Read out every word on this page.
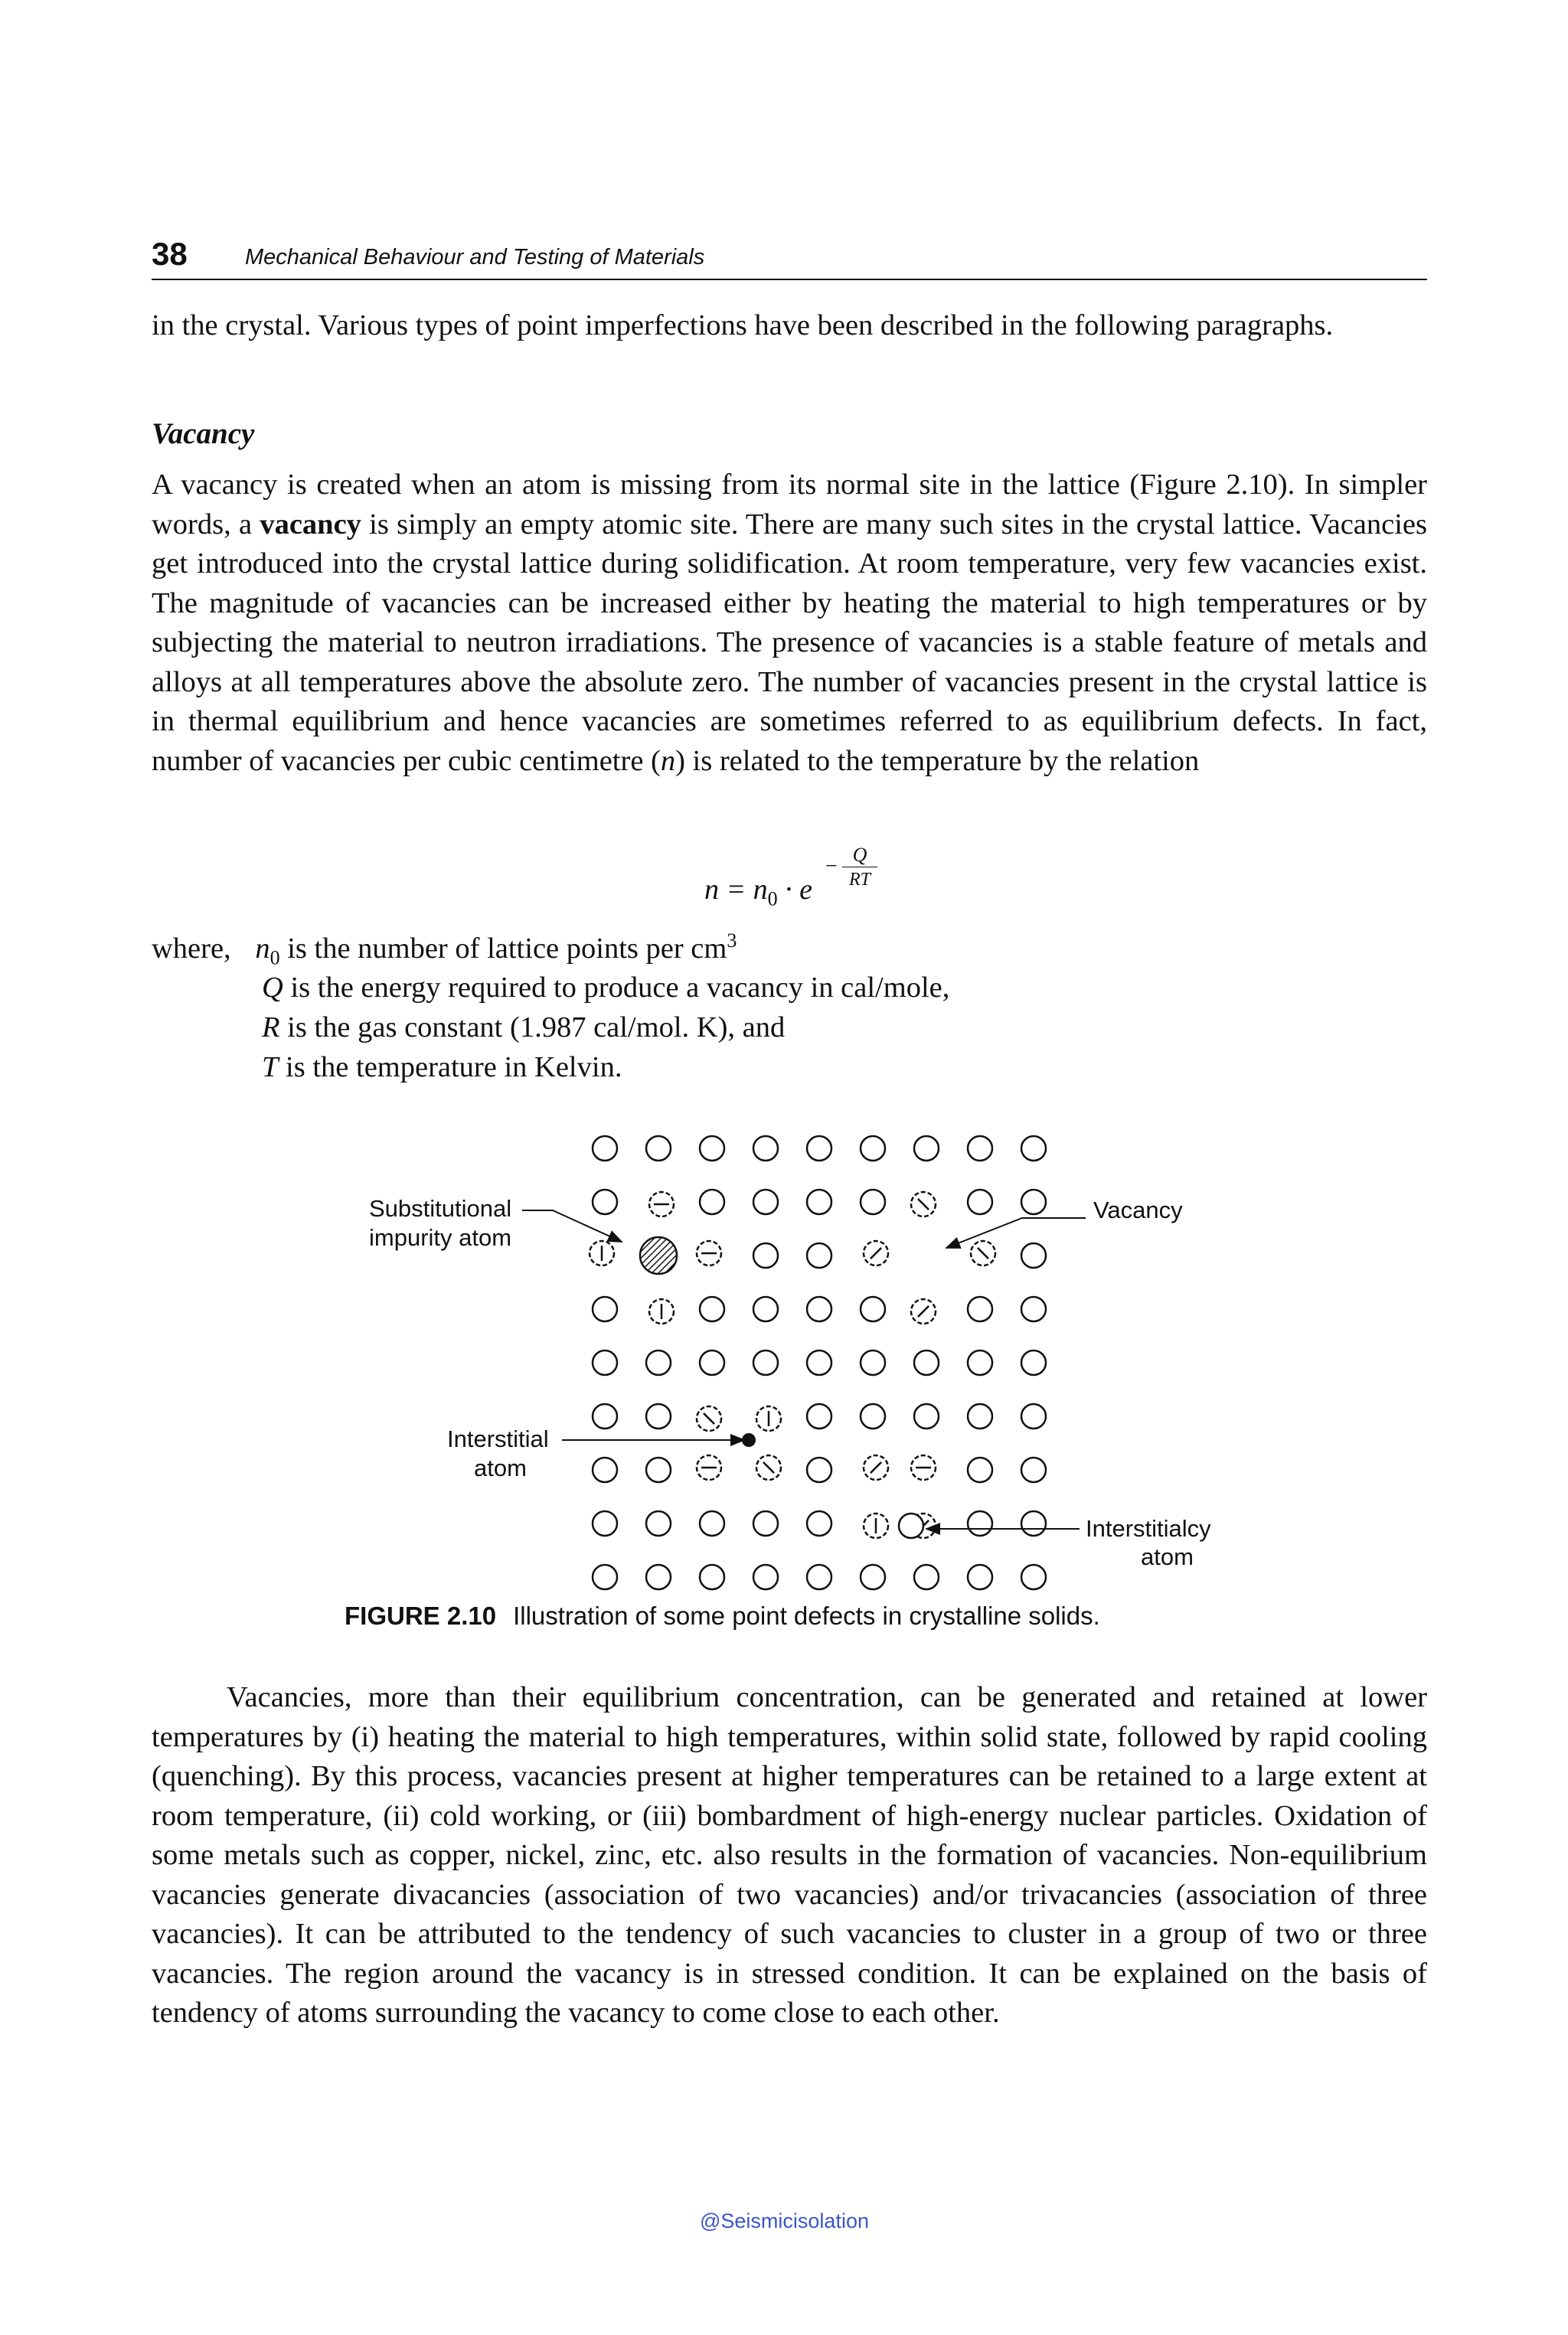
38	Mechanical Behaviour and Testing of Materials

in the crystal. Various types of point imperfections have been described in the following paragraphs.

Vacancy

A vacancy is created when an atom is missing from its normal site in the lattice (Figure 2.10). In simpler words, a vacancy is simply an empty atomic site. There are many such sites in the crystal lattice. Vacancies get introduced into the crystal lattice during solidification. At room temperature, very few vacancies exist. The magnitude of vacancies can be increased either by heating the material to high temperatures or by subjecting the material to neutron irradiations. The presence of vacancies is a stable feature of metals and alloys at all temperatures above the absolute zero. The number of vacancies present in the crystal lattice is in thermal equilibrium and hence vacancies are sometimes referred to as equilibrium defects. In fact, number of vacancies per cubic centimetre (n) is related to the temperature by the relation

$n = n_0 \cdot e$
− Q
RT
where, $n_0$ is the number of lattice points per $cm^3$
Q is the energy required to produce a vacancy in cal/mole,
R is the gas constant (1.987 cal/mol. K), and
T is the temperature in Kelvin.
Substitutional
impurity atom
Vacancy
Interstitial
atom
Interstitialcy
atom
FIGURE 2.10 Illustration of some point defects in crystalline solids.

Vacancies, more than their equilibrium concentration, can be generated and retained at lower temperatures by (i) heating the material to high temperatures, within solid state, followed by rapid cooling (quenching). By this process, vacancies present at higher temperatures can be retained to a large extent at room temperature, (ii) cold working, or (iii) bombardment of high-energy nuclear particles. Oxidation of some metals such as copper, nickel, zinc, etc. also results in the formation of vacancies. Non-equilibrium vacancies generate divacancies (association of two vacancies) and/or trivacancies (association of three vacancies). It can be attributed to the tendency of such vacancies to cluster in a group of two or three vacancies. The region around the vacancy is in stressed condition. It can be explained on the basis of tendency of atoms surrounding the vacancy to come close to each other.

@Seismicisolation
